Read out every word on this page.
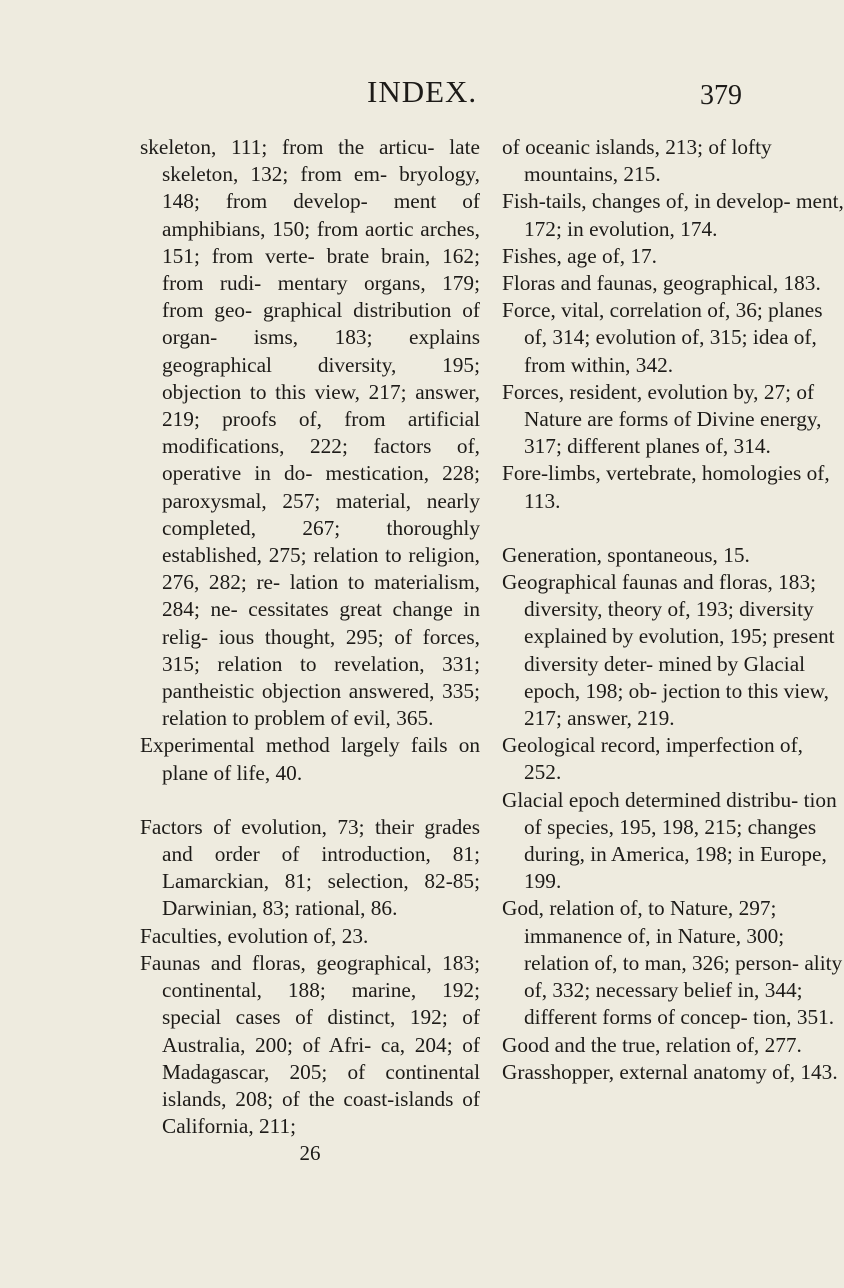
INDEX.	379

skeleton, 111; from the articu- late skeleton, 132; from em- bryology, 148; from develop- ment of amphibians, 150; from aortic arches, 151; from verte- brate brain, 162; from rudi- mentary organs, 179; from geo- graphical distribution of organ- isms, 183; explains geographical diversity, 195; objection to this view, 217; answer, 219; proofs of, from artificial modifications, 222; factors of, operative in do- mestication, 228; paroxysmal, 257; material, nearly completed, 267; thoroughly established, 275; relation to religion, 276, 282; re- lation to materialism, 284; ne- cessitates great change in relig- ious thought, 295; of forces, 315; relation to revelation, 331; pantheistic objection answered, 335; relation to problem of evil, 365.

Experimental method largely fails on plane of life, 40.

Factors of evolution, 73; their grades and order of introduction, 81; Lamarckian, 81; selection, 82-85; Darwinian, 83; rational, 86.

Faculties, evolution of, 23.

Faunas and floras, geographical, 183; continental, 188; marine, 192; special cases of distinct, 192; of Australia, 200; of Afri- ca, 204; of Madagascar, 205; of continental islands, 208; of the coast-islands of California, 211;

26

of oceanic islands, 213; of lofty mountains, 215.

Fish-tails, changes of, in develop- ment, 172; in evolution, 174.

Fishes, age of, 17.

Floras and faunas, geographical, 183.

Force, vital, correlation of, 36; planes of, 314; evolution of, 315; idea of, from within, 342.

Forces, resident, evolution by, 27; of Nature are forms of Divine energy, 317; different planes of, 314.

Fore-limbs, vertebrate, homologies of, 113.

Generation, spontaneous, 15.

Geographical faunas and floras, 183; diversity, theory of, 193; diversity explained by evolution, 195; present diversity deter- mined by Glacial epoch, 198; ob- jection to this view, 217; answer, 219.

Geological record, imperfection of, 252.

Glacial epoch determined distribu- tion of species, 195, 198, 215; changes during, in America, 198; in Europe, 199.

God, relation of, to Nature, 297; immanence of, in Nature, 300; relation of, to man, 326; person- ality of, 332; necessary belief in, 344; different forms of concep- tion, 351.

Good and the true, relation of, 277.

Grasshopper, external anatomy of, 143.
